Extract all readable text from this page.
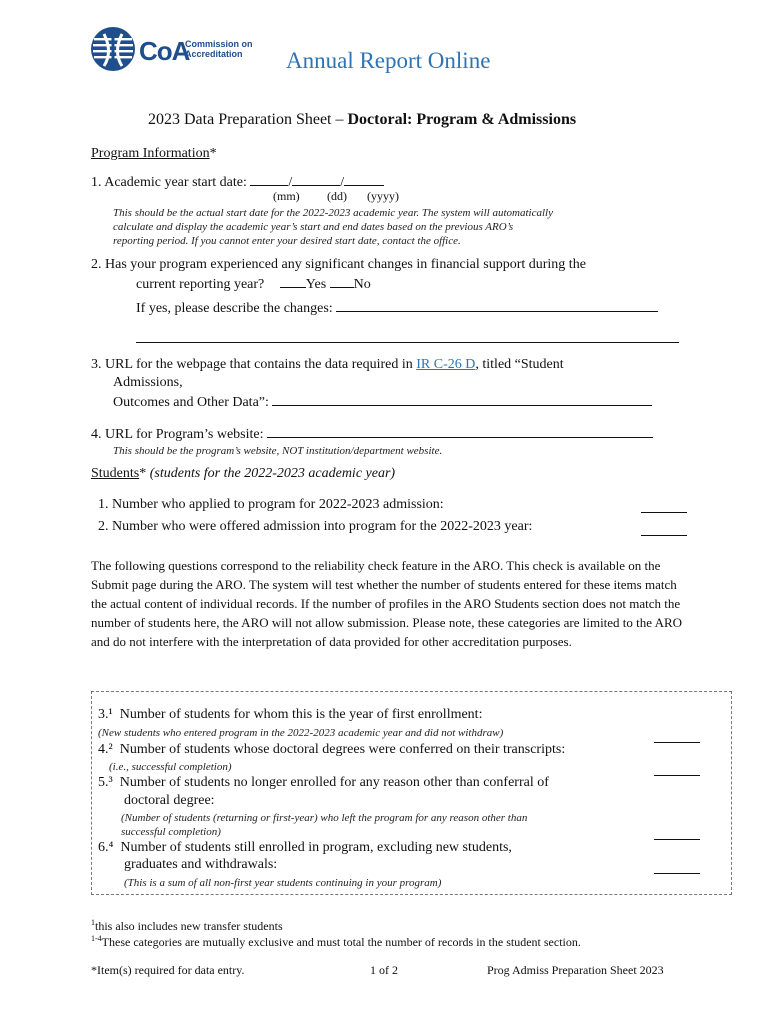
CoA
Commission on
Accreditation	Annual Report Online
2023 Data Preparation Sheet – Doctoral: Program & Admissions
Program Information*
1. Academic year start date:	/	/
(mm) (dd) (yyyy)
This should be the actual start date for the 2022-2023 academic year. The system will automatically
calculate and display the academic year’s start and end dates based on the previous ARO’s
reporting period. If you cannot enter your desired start date, contact the office.
2. Has your program experienced any significant changes in financial support during the
current reporting year?	Yes No
If yes, please describe the changes:
3. URL for the webpage that contains the data required in IR C-26 D, titled “Student
Admissions,
Outcomes and Other Data”:
4. URL for Program’s website:
This should be the program’s website, NOT institution/department website.
Students* (students for the 2022-2023 academic year)
1. Number who applied to program for 2022-2023 admission:
2. Number who were offered admission into program for the 2022-2023 year:
The following questions correspond to the reliability check feature in the ARO. This check is available on the Submit page during the ARO. The system will test whether the number of students entered for these items match the actual content of individual records. If the number of profiles in the ARO Students section does not match the number of students here, the ARO will not allow submission. Please note, these categories are limited to the ARO and do not interfere with the interpretation of data provided for other accreditation purposes.
3.¹ Number of students for whom this is the year of first enrollment:
(New students who entered program in the 2022-2023 academic year and did not withdraw)
4.² Number of students whose doctoral degrees were conferred on their transcripts:
(i.e., successful completion)
5.³ Number of students no longer enrolled for any reason other than conferral of
doctoral degree:
(Number of students (returning or first-year) who left the program for any reason other than
successful completion)
6.⁴ Number of students still enrolled in program, excluding new students,
graduates and withdrawals:
(This is a sum of all non-first year students continuing in your program)
$^1$this also includes new transfer students
$^{1-4}$These categories are mutually exclusive and must total the number of records in the student section.
*Item(s) required for data entry.	1 of 2	Prog Admiss Preparation Sheet 2023
